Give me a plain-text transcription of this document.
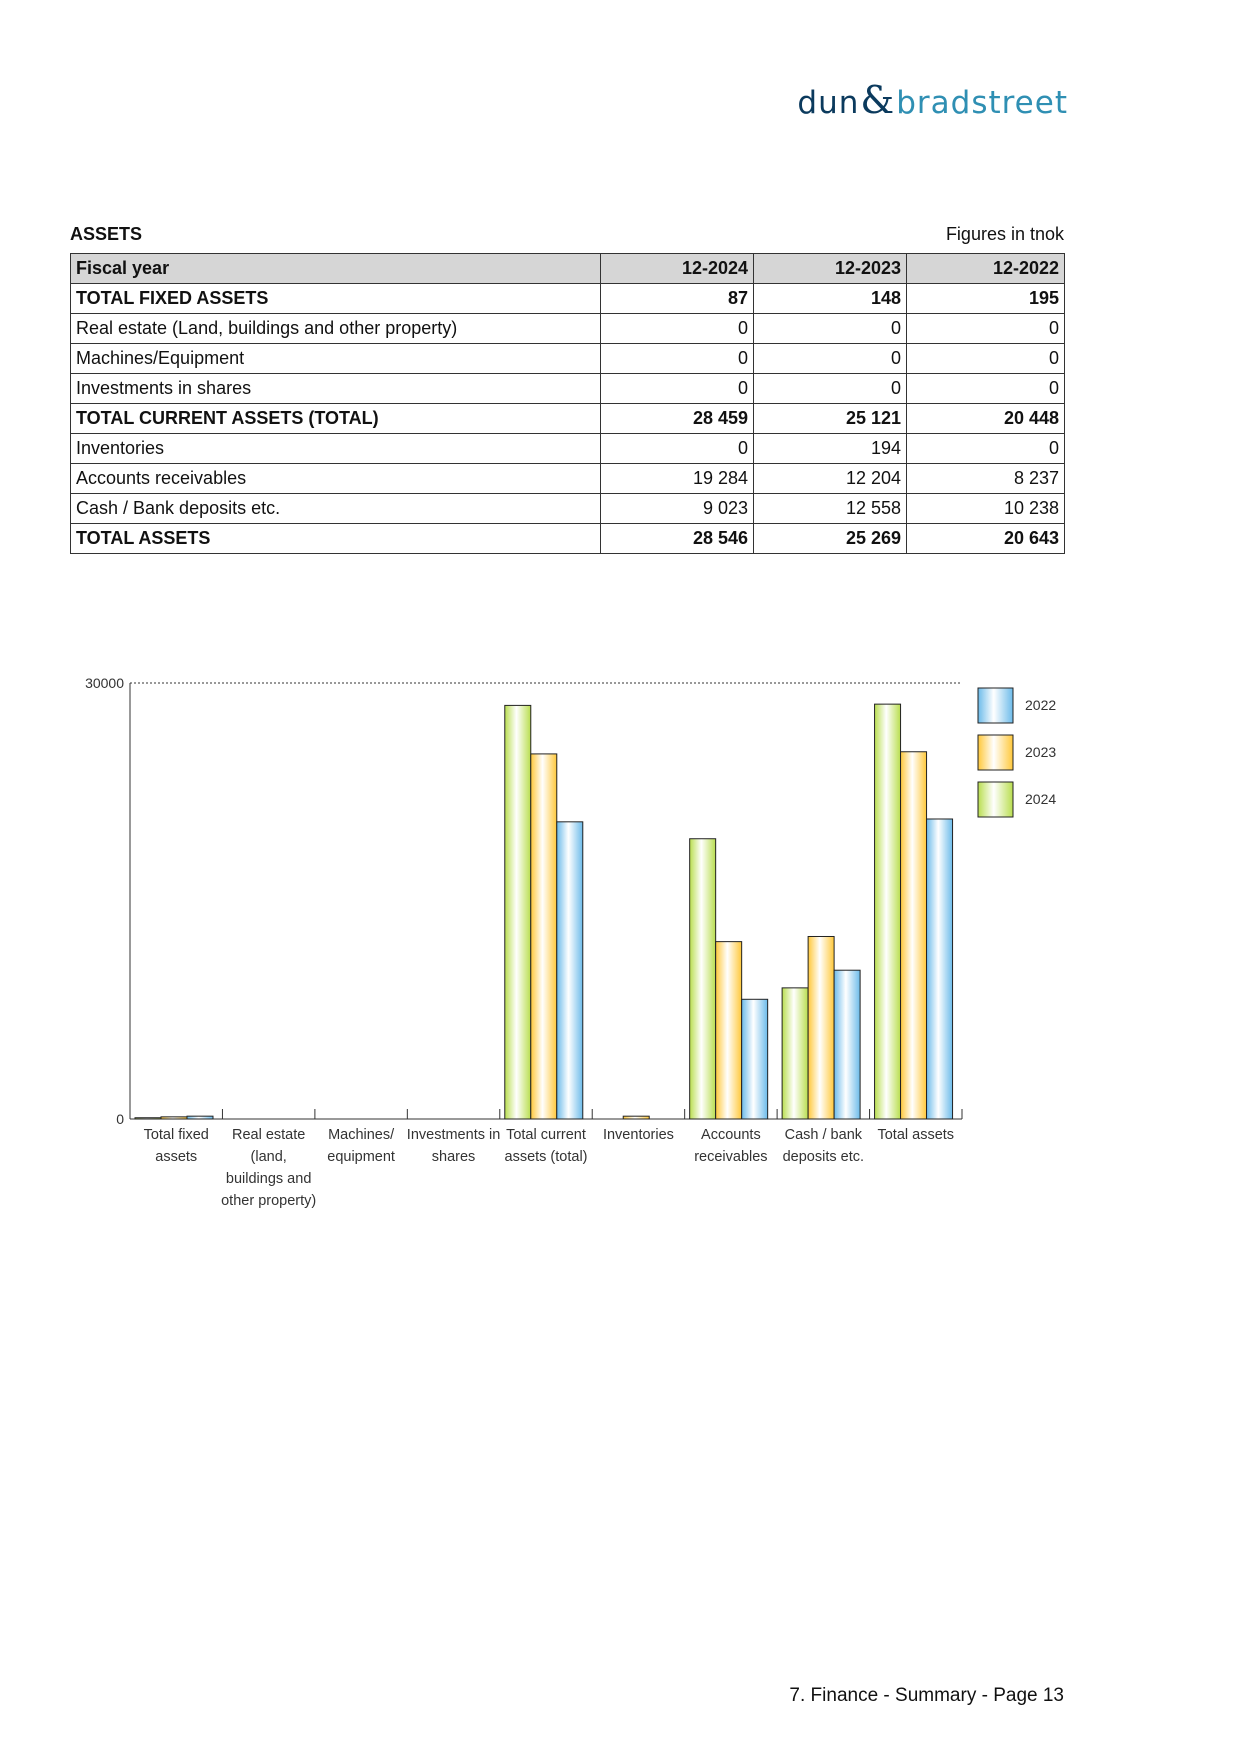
dun & bradstreet
ASSETS	Figures in tnok
Fiscal year	12-2024	12-2023	12-2022
TOTAL FIXED ASSETS	87	148	195
Real estate (Land, buildings and other property)	0	0	0
Machines/Equipment	0	0	0
Investments in shares	0	0	0
TOTAL CURRENT ASSETS (TOTAL)	28 459	25 121	20 448
Inventories	0	194	0
Accounts receivables	19 284	12 204	8 237
Cash / Bank deposits etc.	9 023	12 558	10 238
TOTAL ASSETS	28 546	25 269	20 643
0
30000
Total fixed assets
Real estate (land, buildings and other property)
Machines/ equipment
Investments in shares
Total current assets (total)
Inventories	Accounts receivables
Cash / bank deposits etc.
Total assets
2022
2023
2024
7. Finance - Summary - Page 13
